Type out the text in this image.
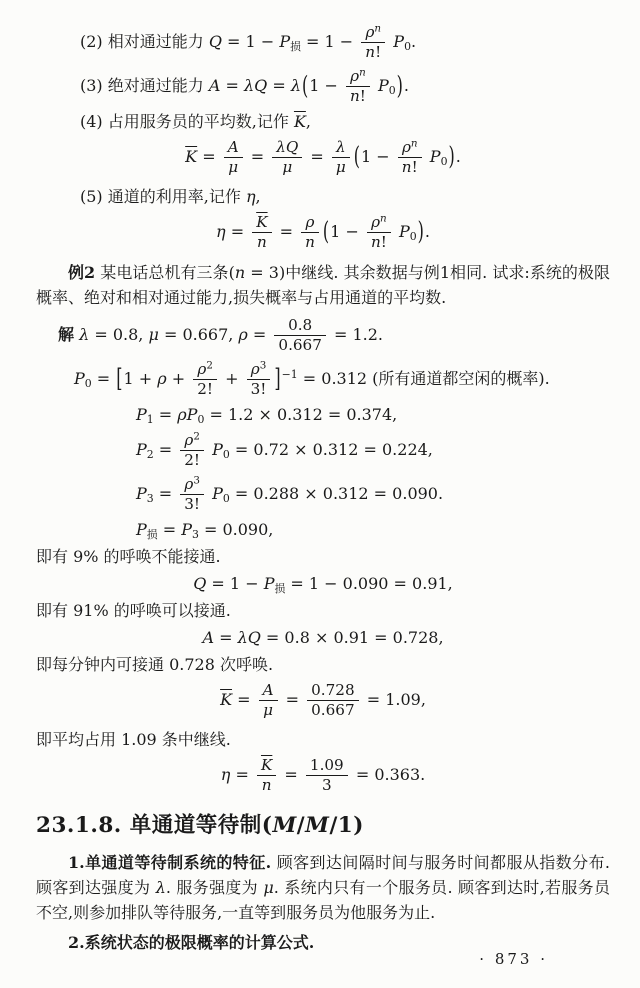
(2) 相对通过能力 $Q = 1 - P_损 = 1 - \frac{\rho^n}{n!} P_0$.
(3) 绝对通过能力 $A = \lambda Q = \lambda(1 - \frac{\rho^n}{n!} P_0)$.
(4) 占用服务员的平均数,记作 $\overline{K}$,
$\overline{K} = \frac{A}{\mu} = \frac{\lambda Q}{\mu} = \frac{\lambda}{\mu} (1 - \frac{\rho^n}{n!} P_0)$.
(5) 通道的利用率,记作 η,
$\eta = \frac{\overline{K}}{n} = \frac{\rho}{n} (1 - \frac{\rho^n}{n!} P_0)$.
例2 某电话总机有三条(n = 3)中继线. 其余数据与例1相同. 试求:系统的极限概率、绝对和相对通过能力,损失概率与占用通道的平均数.
解 λ = 0.8, μ = 0.667, $\rho = \frac{0.8}{0.667} = 1.2$.
$P_0 = [1 + \rho + \frac{\rho^2}{2!} + \frac{\rho^3}{3!} ]^{-1} = 0.312$ (所有通道都空闲的概率).
$P_1 = \rho P_0 = 1.2 \times 0.312 = 0.374$,
$P_2 = \frac{\rho^2}{2!} P_0 = 0.72 \times 0.312 = 0.224$,
$P_3 = \frac{\rho^3}{3!} P_0 = 0.288 \times 0.312 = 0.090$.
$P_损 = P_3 = 0.090$,
即有 9% 的呼唤不能接通.
$Q = 1 - P_损 = 1 - 0.090 = 0.91$,
即有 91% 的呼唤可以接通.
A = λQ = 0.8 × 0.91 = 0.728,
即每分钟内可接通 0.728 次呼唤.
$\overline{K} = \frac{A}{\mu} = \frac{0.728}{0.667} = 1.09$,
即平均占用 1.09 条中继线.
$\eta = \frac{\overline{K}}{n} = \frac{1.09}{3} = 0.363$.
23.1.8. 单通道等待制(M/M/1)
1.单通道等待制系统的特征. 顾客到达间隔时间与服务时间都服从指数分布. 顾客到达强度为 λ. 服务强度为 μ. 系统内只有一个服务员. 顾客到达时,若服务员不空,则参加排队等待服务,一直等到服务员为他服务为止.
2.系统状态的极限概率的计算公式.
· 873 ·
